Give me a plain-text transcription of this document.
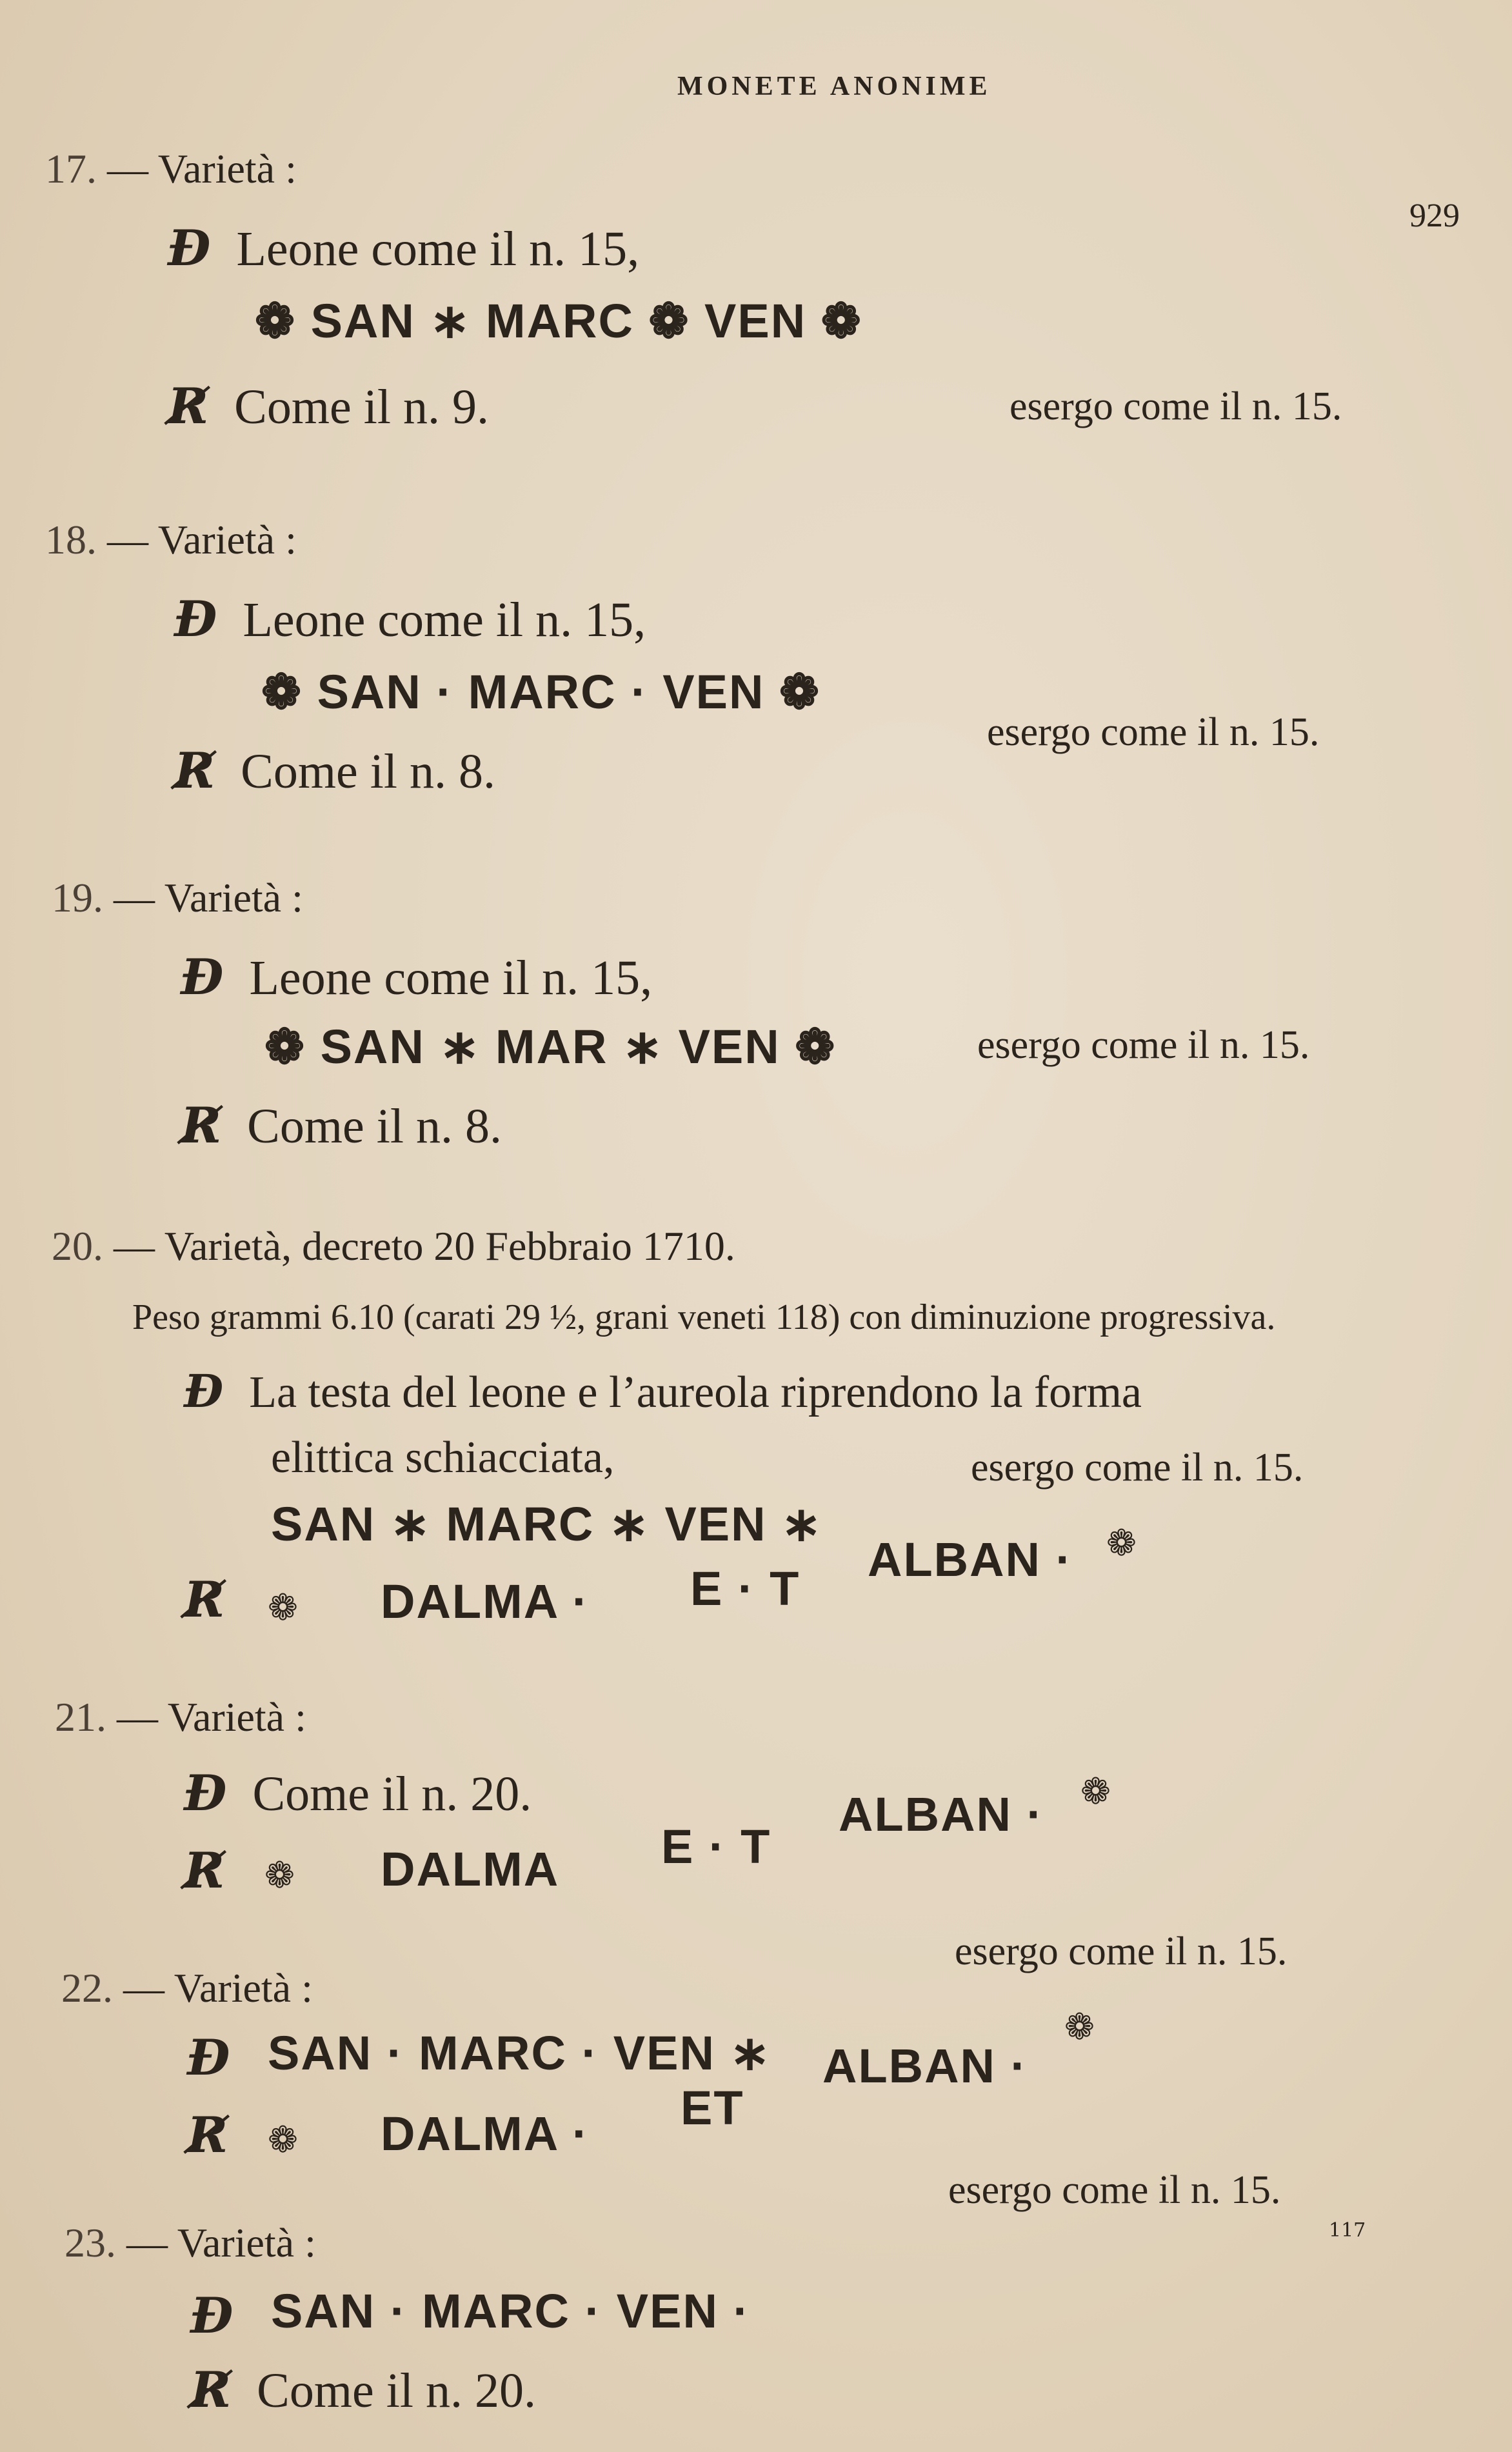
MONETE ANONIME
929
17. — Varietà :
Ð Leone come il n. 15,
❁ SAN ∗ MARC ❁ VEN ❁
esergo come il n. 15.
R̸ Come il n. 9.
18. — Varietà :
Ð Leone come il n. 15,
❁ SAN · MARC · VEN ❁
esergo come il n. 15.
R̸ Come il n. 8.
19. — Varietà :
Ð Leone come il n. 15,
❁ SAN ∗ MAR ∗ VEN ❁	esergo come il n. 15.
R̸ Come il n. 8.
20. — Varietà, decreto 20 Febbraio 1710.
Peso grammi 6.10 (carati 29 ½, grani veneti 118) con diminuzione progressiva.
Ð La testa del leone e l’aureola riprendono la forma
elittica schiacciata,	esergo come il n. 15.
SAN ∗ MARC ∗ VEN ∗
R̸	❁ DALMA · E · T
ALBAN · ❁
21. — Varietà :
Ð Come il n. 20.
R̸	❁ DALMA E · T
ALBAN · ❁
esergo come il n. 15.
22. — Varietà :
Ð SAN · MARC · VEN ∗
R̸	❁ DALMA · ET
ALBAN ·
❁
esergo come il n. 15.
23. — Varietà :
Ð SAN · MARC · VEN ·
R̸ Come il n. 20.
117
